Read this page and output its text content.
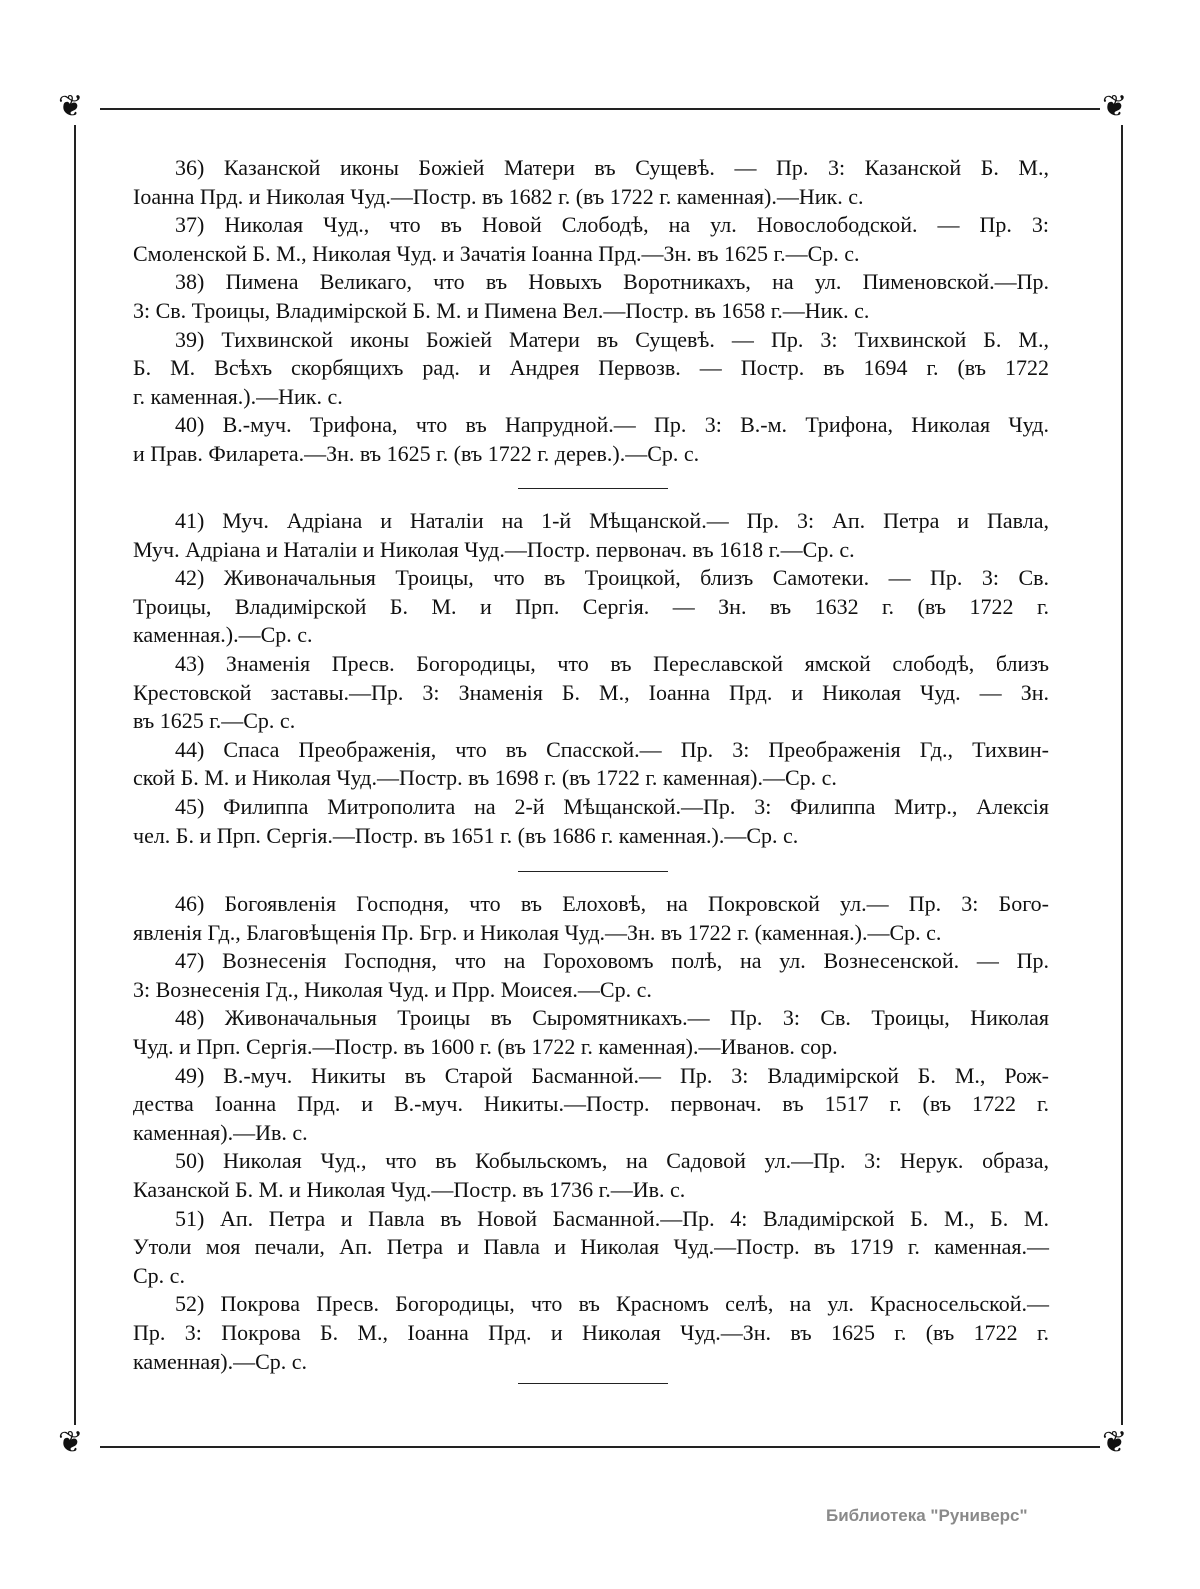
❦	❦
❦	❦
36) Казанской иконы Божіей Матери въ Сущевѣ. — Пр. 3: Казанской Б. М.,
Іоанна Прд. и Николая Чуд.—Постр. въ 1682 г. (въ 1722 г. каменная).—Ник. с.
37) Николая Чуд., что въ Новой Слободѣ, на ул. Новослободской. — Пр. 3:
Смоленской Б. М., Николая Чуд. и Зачатія Іоанна Прд.—Зн. въ 1625 г.—Ср. с.
38) Пимена Великаго, что въ Новыхъ Воротникахъ, на ул. Пименовской.—Пр.
3: Св. Троицы, Владимірской Б. М. и Пимена Вел.—Постр. въ 1658 г.—Ник. с.
39) Тихвинской иконы Божіей Матери въ Сущевѣ. — Пр. 3: Тихвинской Б. М.,
Б. М. Всѣхъ скорбящихъ рад. и Андрея Первозв. — Постр. въ 1694 г. (въ 1722
г. каменная.).—Ник. с.
40) В.-муч. Трифона, что въ Напрудной.— Пр. 3: В.-м. Трифона, Николая Чуд.
и Прав. Филарета.—Зн. въ 1625 г. (въ 1722 г. дерев.).—Ср. с.
41) Муч. Адріана и Наталіи на 1-й Мѣщанской.— Пр. 3: Ап. Петра и Павла,
Муч. Адріана и Наталіи и Николая Чуд.—Постр. первонач. въ 1618 г.—Ср. с.
42) Живоначальныя Троицы, что въ Троицкой, близъ Самотеки. — Пр. 3: Св.
Троицы, Владимірской Б. М. и Прп. Сергія. — Зн. въ 1632 г. (въ 1722 г.
каменная.).—Ср. с.
43) Знаменія Пресв. Богородицы, что въ Переславской ямской слободѣ, близъ
Крестовской заставы.—Пр. 3: Знаменія Б. М., Іоанна Прд. и Николая Чуд. — Зн.
въ 1625 г.—Ср. с.
44) Спаса Преображенія, что въ Спасской.— Пр. 3: Преображенія Гд., Тихвин-
ской Б. М. и Николая Чуд.—Постр. въ 1698 г. (въ 1722 г. каменная).—Ср. с.
45) Филиппа Митрополита на 2-й Мѣщанской.—Пр. 3: Филиппа Митр., Алексія
чел. Б. и Прп. Сергія.—Постр. въ 1651 г. (въ 1686 г. каменная.).—Ср. с.
46) Богоявленія Господня, что въ Елоховѣ, на Покровской ул.— Пр. 3: Бого-
явленія Гд., Благовѣщенія Пр. Бгр. и Николая Чуд.—Зн. въ 1722 г. (каменная.).—Ср. с.
47) Вознесенія Господня, что на Гороховомъ полѣ, на ул. Вознесенской. — Пр.
3: Вознесенія Гд., Николая Чуд. и Прр. Моисея.—Ср. с.
48) Живоначальныя Троицы въ Сыромятникахъ.— Пр. 3: Св. Троицы, Николая
Чуд. и Прп. Сергія.—Постр. въ 1600 г. (въ 1722 г. каменная).—Иванов. сор.
49) В.-муч. Никиты въ Старой Басманной.— Пр. 3: Владимірской Б. М., Рож-
дества Іоанна Прд. и В.-муч. Никиты.—Постр. первонач. въ 1517 г. (въ 1722 г.
каменная).—Ив. с.
50) Николая Чуд., что въ Кобыльскомъ, на Садовой ул.—Пр. 3: Нерук. образа,
Казанской Б. М. и Николая Чуд.—Постр. въ 1736 г.—Ив. с.
51) Ап. Петра и Павла въ Новой Басманной.—Пр. 4: Владимірской Б. М., Б. М.
Утоли моя печали, Ап. Петра и Павла и Николая Чуд.—Постр. въ 1719 г. каменная.—
Ср. с.
52) Покрова Пресв. Богородицы, что въ Красномъ селѣ, на ул. Красносельской.—
Пр. 3: Покрова Б. М., Іоанна Прд. и Николая Чуд.—Зн. въ 1625 г. (въ 1722 г.
каменная).—Ср. с.
Библиотека "Руниверс"
